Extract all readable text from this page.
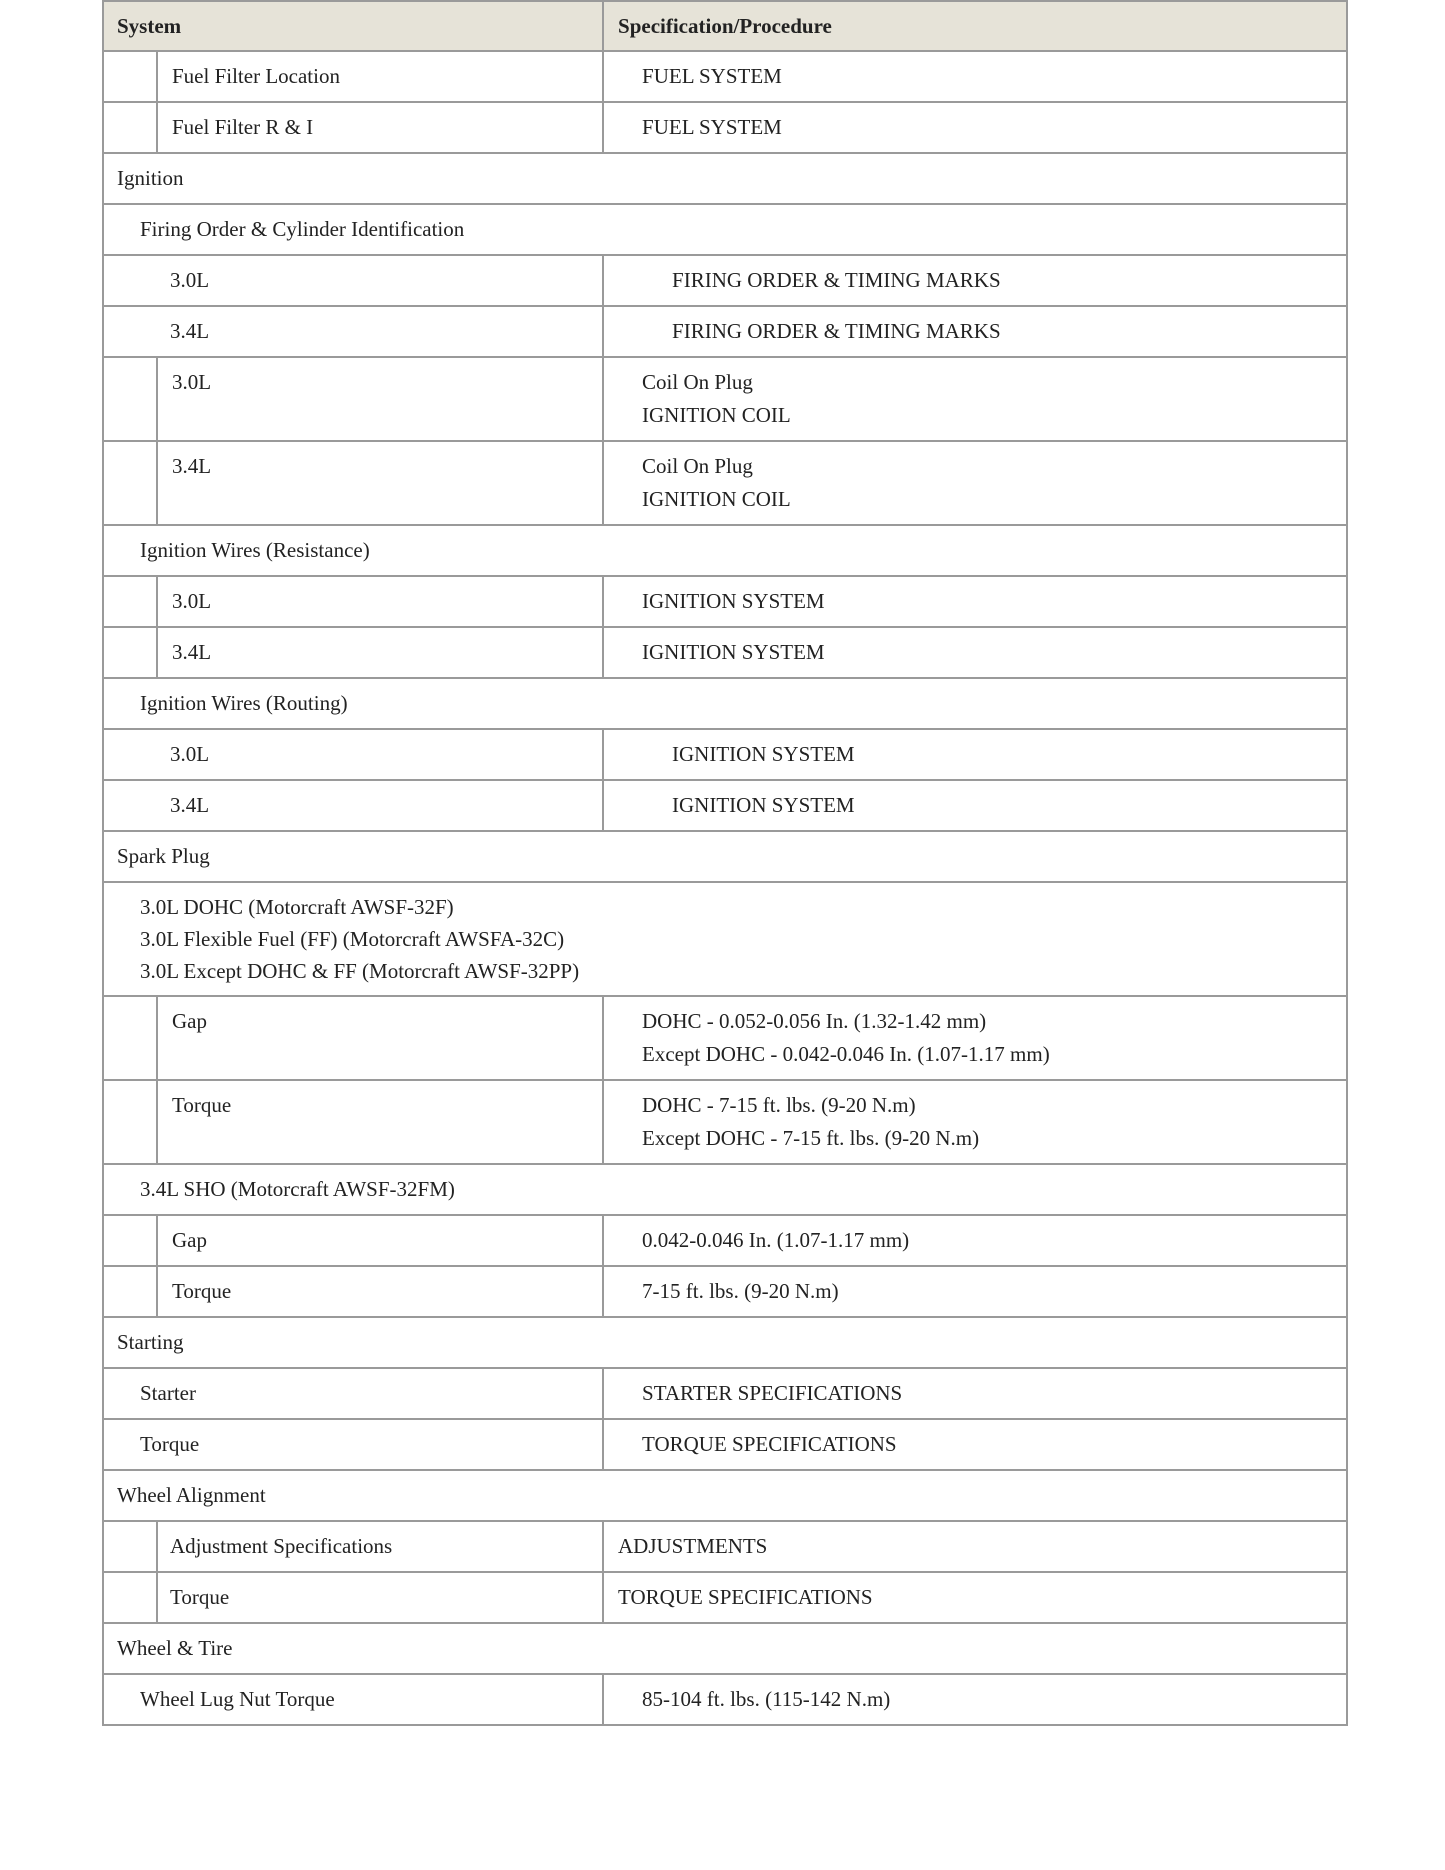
System		Specification/Procedure

	Fuel Filter Location	FUEL SYSTEM

	Fuel Filter R & I	FUEL SYSTEM

Ignition		

Firing Order & Cylinder Identification		

3.0L		FIRING ORDER & TIMING MARKS

3.4L		FIRING ORDER & TIMING MARKS

	3.0L	Coil On Plug
IGNITION COIL

	3.4L	Coil On Plug
IGNITION COIL

Ignition Wires (Resistance)		

	3.0L	IGNITION SYSTEM

	3.4L	IGNITION SYSTEM

Ignition Wires (Routing)		

3.0L		IGNITION SYSTEM

3.4L		IGNITION SYSTEM

Spark Plug		

3.0L DOHC (Motorcraft AWSF-32F)
3.0L Flexible Fuel (FF) (Motorcraft AWSFA-32C)
3.0L Except DOHC & FF (Motorcraft AWSF-32PP)		

	Gap	DOHC - 0.052-0.056 In. (1.32-1.42 mm)
Except DOHC - 0.042-0.046 In. (1.07-1.17 mm)

	Torque	DOHC - 7-15 ft. lbs. (9-20 N.m)
Except DOHC - 7-15 ft. lbs. (9-20 N.m)

3.4L SHO (Motorcraft AWSF-32FM)		

	Gap	0.042-0.046 In. (1.07-1.17 mm)

	Torque	7-15 ft. lbs. (9-20 N.m)

Starting		

Starter		STARTER SPECIFICATIONS

Torque		TORQUE SPECIFICATIONS

Wheel Alignment		

	Adjustment Specifications	ADJUSTMENTS

	Torque	TORQUE SPECIFICATIONS

Wheel & Tire		

Wheel Lug Nut Torque		85-104 ft. lbs. (115-142 N.m)
